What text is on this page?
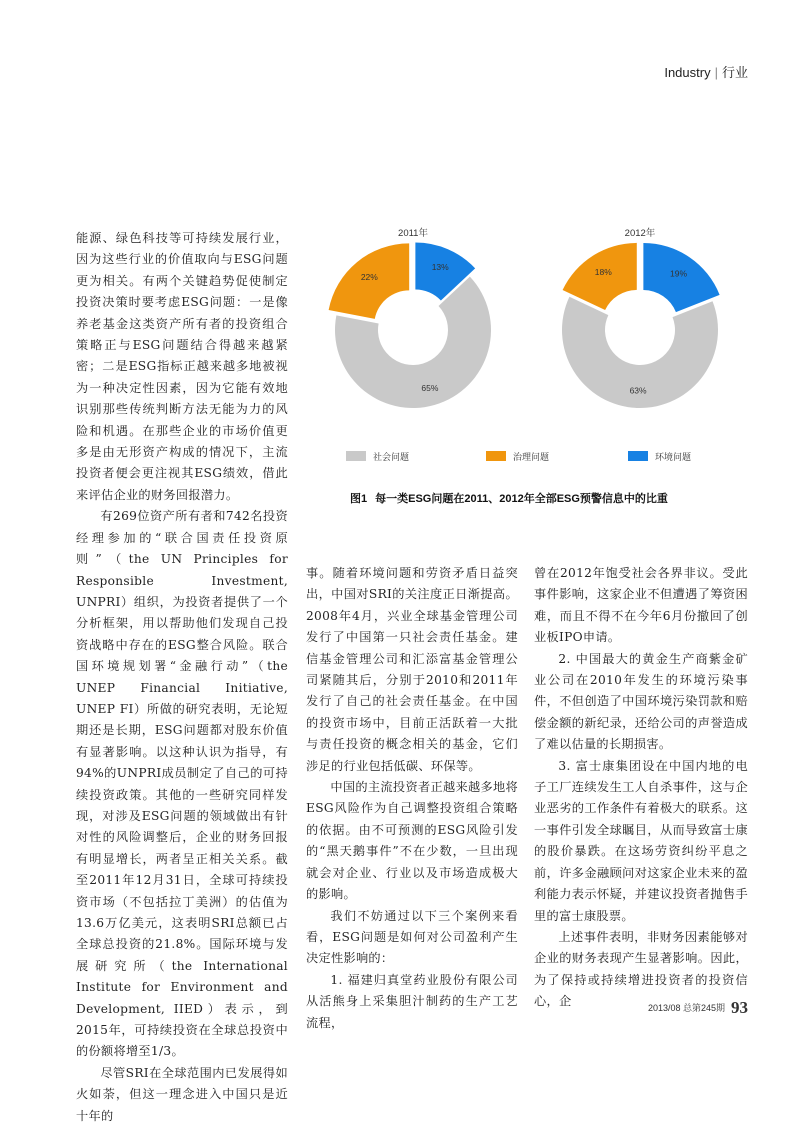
Industry | 行业

能源、绿色科技等可持续发展行业，因为这些行业的价值取向与ESG问题更为相关。有两个关键趋势促使制定投资决策时要考虑ESG问题：一是像养老基金这类资产所有者的投资组合策略正与ESG问题结合得越来越紧密；二是ESG指标正越来越多地被视为一种决定性因素，因为它能有效地识别那些传统判断方法无能为力的风险和机遇。在那些企业的市场价值更多是由无形资产构成的情况下，主流投资者便会更注视其ESG绩效，借此来评估企业的财务回报潜力。

有269位资产所有者和742名投资经理参加的“联合国责任投资原则”（the UN Principles for Responsible Investment, UNPRI）组织，为投资者提供了一个分析框架，用以帮助他们发现自己投资战略中存在的ESG整合风险。联合国环境规划署“金融行动”（the UNEP Financial Initiative, UNEP FI）所做的研究表明，无论短期还是长期，ESG问题都对股东价值有显著影响。以这种认识为指导，有94%的UNPRI成员制定了自己的可持续投资政策。其他的一些研究同样发现，对涉及ESG问题的领域做出有针对性的风险调整后，企业的财务回报有明显增长，两者呈正相关关系。截至2011年12月31日，全球可持续投资市场（不包括拉丁美洲）的估值为13.6万亿美元，这表明SRI总额已占全球总投资的21.8%。国际环境与发展研究所（the International Institute for Environment and Development, IIED）表示，到2015年，可持续投资在全球总投资中的份额将增至1/3。

尽管SRI在全球范围内已发展得如火如荼，但这一理念进入中国只是近十年的

2011年
13%
65%
22%
2012年
19%
63%
18%
社会问题	治理问题	环境问题
图1 每一类ESG问题在2011、2012年全部ESG预警信息中的比重

事。随着环境问题和劳资矛盾日益突出，中国对SRI的关注度正日渐提高。2008年4月，兴业全球基金管理公司发行了中国第一只社会责任基金。建信基金管理公司和汇添富基金管理公司紧随其后，分别于2010和2011年发行了自己的社会责任基金。在中国的投资市场中，目前正活跃着一大批与责任投资的概念相关的基金，它们涉足的行业包括低碳、环保等。

中国的主流投资者正越来越多地将ESG风险作为自己调整投资组合策略的依据。由不可预测的ESG风险引发的“黑天鹅事件”不在少数，一旦出现就会对企业、行业以及市场造成极大的影响。

我们不妨通过以下三个案例来看看，ESG问题是如何对公司盈利产生决定性影响的：

1. 福建归真堂药业股份有限公司从活熊身上采集胆汁制药的生产工艺流程，

曾在2012年饱受社会各界非议。受此事件影响，这家企业不但遭遇了筹资困难，而且不得不在今年6月份撤回了创业板IPO申请。

2. 中国最大的黄金生产商紫金矿业公司在2010年发生的环境污染事件，不但创造了中国环境污染罚款和赔偿金额的新纪录，还给公司的声誉造成了难以估量的长期损害。

3. 富士康集团设在中国内地的电子工厂连续发生工人自杀事件，这与企业恶劣的工作条件有着极大的联系。这一事件引发全球瞩目，从而导致富士康的股价暴跌。在这场劳资纠纷平息之前，许多金融顾问对这家企业未来的盈利能力表示怀疑，并建议投资者抛售手里的富士康股票。

上述事件表明，非财务因素能够对企业的财务表现产生显著影响。因此，为了保持或持续增进投资者的投资信心，企	2013/08 总第245期 93
